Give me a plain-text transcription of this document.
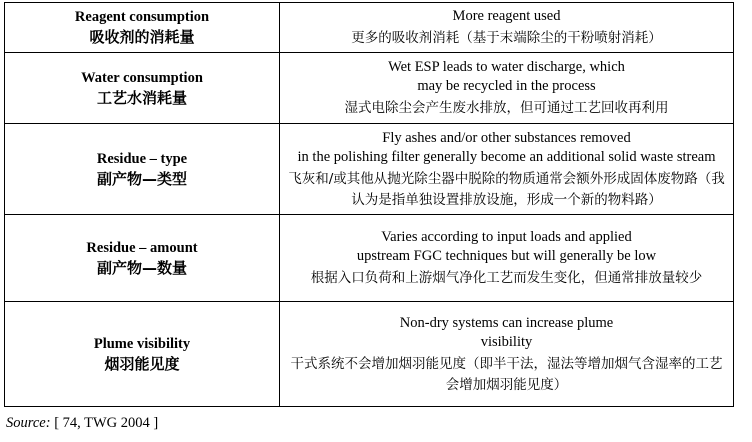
Reagent consumption
吸收剂的消耗量	More reagent used
更多的吸收剂消耗（基于末端除尘的干粉喷射消耗）

Water consumption
工艺水消耗量	Wet ESP leads to water discharge, which
may be recycled in the process
湿式电除尘会产生废水排放，但可通过工艺回收再利用

Residue – type
副产物—类型	Fly ashes and/or other substances removed
in the polishing filter generally become an additional solid waste stream
飞灰和/或其他从抛光除尘器中脱除的物质通常会额外形成固体废物路（我认为是指单独设置排放设施，形成一个新的物料路）

Residue – amount
副产物—数量	Varies according to input loads and applied
upstream FGC techniques but will generally be low
根据入口负荷和上游烟气净化工艺而发生变化，但通常排放量较少

Plume visibility
烟羽能见度	Non-dry systems can increase plume
visibility
干式系统不会增加烟羽能见度（即半干法，湿法等增加烟气含湿率的工艺会增加烟羽能见度）
Source: [ 74, TWG 2004 ]
